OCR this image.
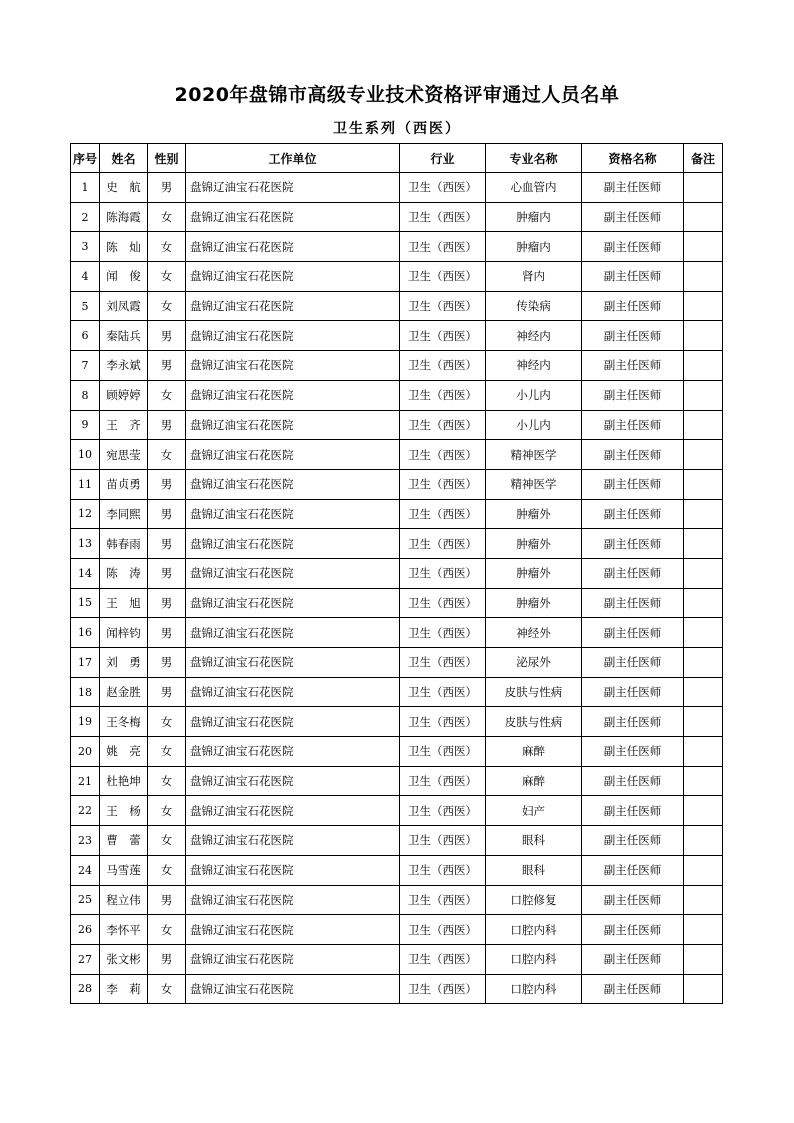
2020年盘锦市高级专业技术资格评审通过人员名单
卫生系列（西医）
序号	姓名	性别	工作单位	行业	专业名称	资格名称	备注
1	史　航	男	盘锦辽油宝石花医院	卫生（西医）	心血管内	副主任医师	
2	陈海霞	女	盘锦辽油宝石花医院	卫生（西医）	肿瘤内	副主任医师	
3	陈　灿	女	盘锦辽油宝石花医院	卫生（西医）	肿瘤内	副主任医师	
4	闻　俊	女	盘锦辽油宝石花医院	卫生（西医）	肾内	副主任医师	
5	刘凤霞	女	盘锦辽油宝石花医院	卫生（西医）	传染病	副主任医师	
6	秦陆兵	男	盘锦辽油宝石花医院	卫生（西医）	神经内	副主任医师	
7	李永斌	男	盘锦辽油宝石花医院	卫生（西医）	神经内	副主任医师	
8	顾婷婷	女	盘锦辽油宝石花医院	卫生（西医）	小儿内	副主任医师	
9	王　齐	男	盘锦辽油宝石花医院	卫生（西医）	小儿内	副主任医师	
10	宛思莹	女	盘锦辽油宝石花医院	卫生（西医）	精神医学	副主任医师	
11	苗贞勇	男	盘锦辽油宝石花医院	卫生（西医）	精神医学	副主任医师	
12	李同熙	男	盘锦辽油宝石花医院	卫生（西医）	肿瘤外	副主任医师	
13	韩春雨	男	盘锦辽油宝石花医院	卫生（西医）	肿瘤外	副主任医师	
14	陈　涛	男	盘锦辽油宝石花医院	卫生（西医）	肿瘤外	副主任医师	
15	王　旭	男	盘锦辽油宝石花医院	卫生（西医）	肿瘤外	副主任医师	
16	闻梓钧	男	盘锦辽油宝石花医院	卫生（西医）	神经外	副主任医师	
17	刘　勇	男	盘锦辽油宝石花医院	卫生（西医）	泌尿外	副主任医师	
18	赵金胜	男	盘锦辽油宝石花医院	卫生（西医）	皮肤与性病	副主任医师	
19	王冬梅	女	盘锦辽油宝石花医院	卫生（西医）	皮肤与性病	副主任医师	
20	姚　亮	女	盘锦辽油宝石花医院	卫生（西医）	麻醉	副主任医师	
21	杜艳坤	女	盘锦辽油宝石花医院	卫生（西医）	麻醉	副主任医师	
22	王　杨	女	盘锦辽油宝石花医院	卫生（西医）	妇产	副主任医师	
23	曹　蕾	女	盘锦辽油宝石花医院	卫生（西医）	眼科	副主任医师	
24	马雪莲	女	盘锦辽油宝石花医院	卫生（西医）	眼科	副主任医师	
25	程立伟	男	盘锦辽油宝石花医院	卫生（西医）	口腔修复	副主任医师	
26	李怀平	女	盘锦辽油宝石花医院	卫生（西医）	口腔内科	副主任医师	
27	张文彬	男	盘锦辽油宝石花医院	卫生（西医）	口腔内科	副主任医师	
28	李　莉	女	盘锦辽油宝石花医院	卫生（西医）	口腔内科	副主任医师	
